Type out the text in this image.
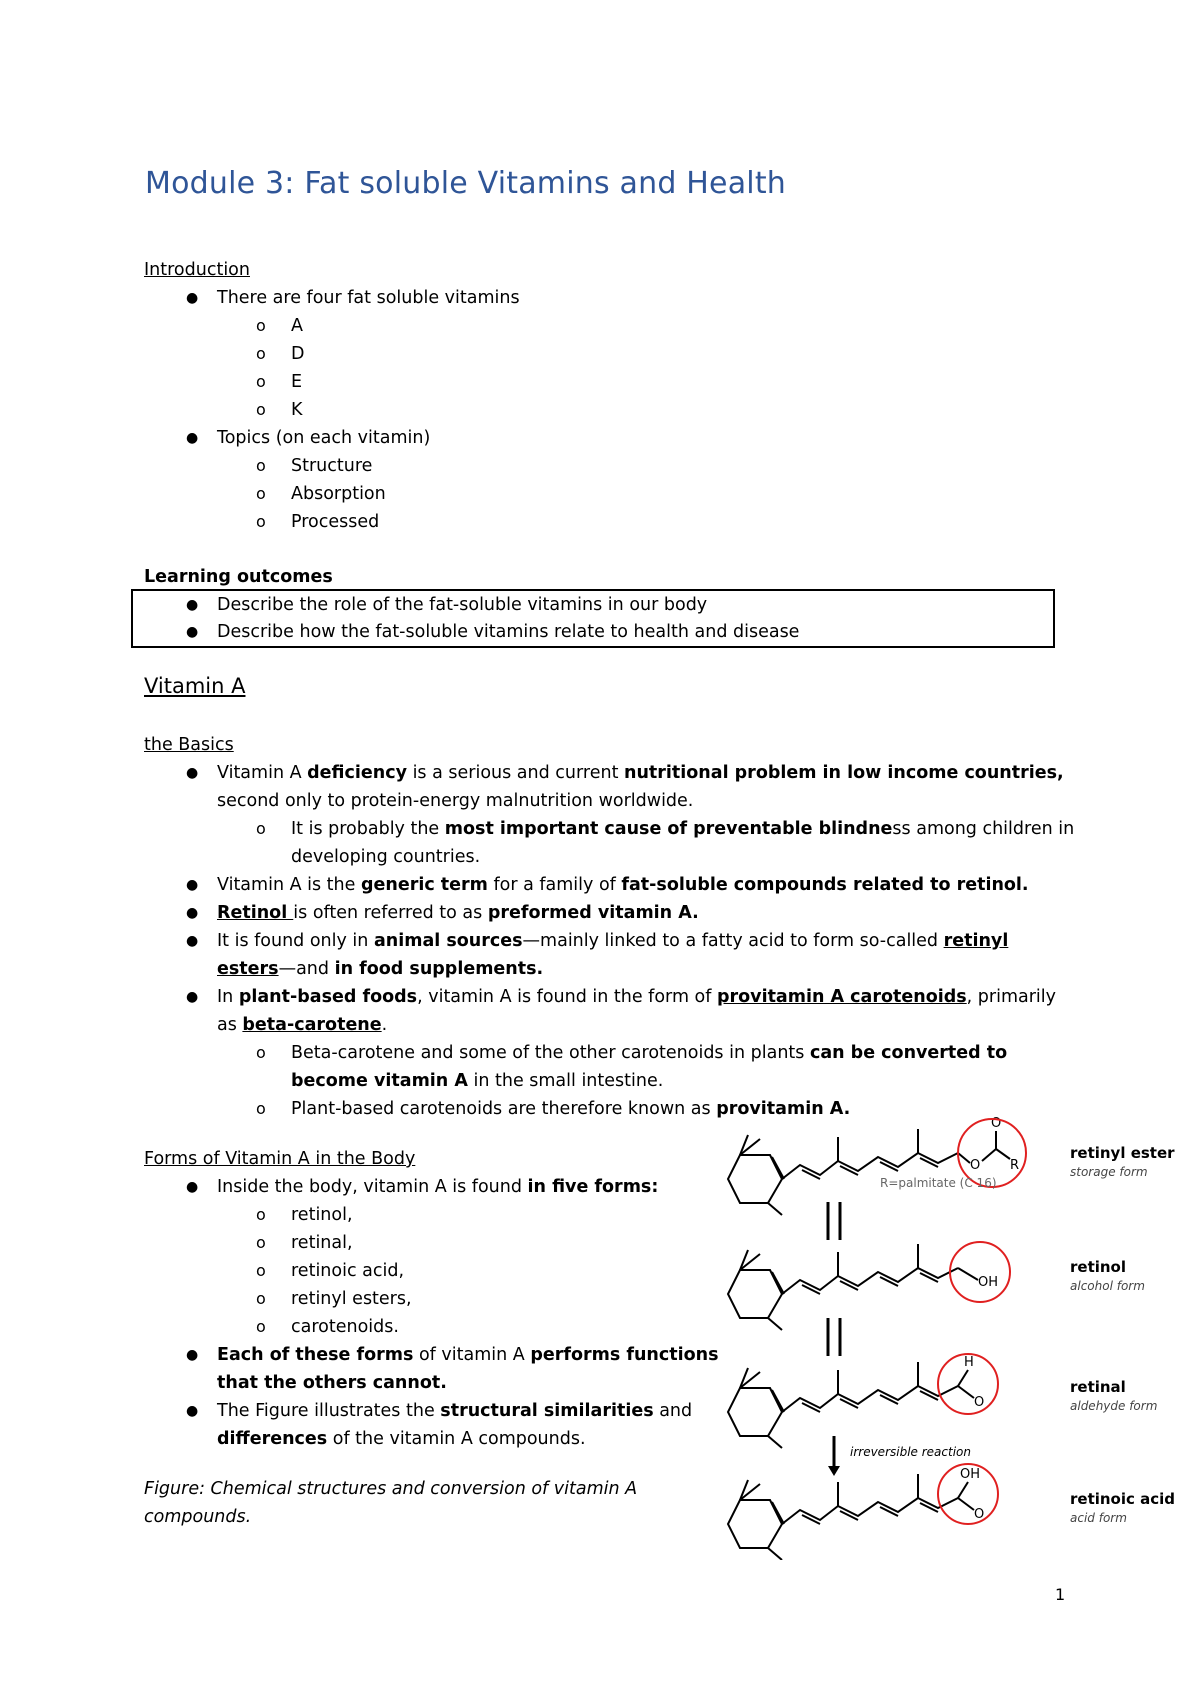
Module 3: Fat soluble Vitamins and Health
Introduction
● There are four fat soluble vitamins
o A
o D
o E
o K
● Topics (on each vitamin)
o Structure
o Absorption
o Processed
Learning outcomes
● Describe the role of the fat-soluble vitamins in our body
● Describe how the fat-soluble vitamins relate to health and disease
Vitamin A
the Basics
● Vitamin A deficiency is a serious and current nutritional problem in low income countries,
second only to protein-energy malnutrition worldwide.
o It is probably the most important cause of preventable blindness among children in
developing countries.
● Vitamin A is the generic term for a family of fat-soluble compounds related to retinol.
● Retinol is often referred to as preformed vitamin A.
● It is found only in animal sources—mainly linked to a fatty acid to form so-called retinyl
esters—and in food supplements.
● In plant-based foods, vitamin A is found in the form of provitamin A carotenoids, primarily
as beta-carotene.
o Beta-carotene and some of the other carotenoids in plants can be converted to
become vitamin A in the small intestine.
o Plant-based carotenoids are therefore known as provitamin A.
Forms of Vitamin A in the Body
● Inside the body, vitamin A is found in five forms:
o retinol,
o retinal,
o retinoic acid,
o retinyl esters,
o carotenoids.
● Each of these forms of vitamin A performs functions
that the others cannot.
● The Figure illustrates the structural similarities and
differences of the vitamin A compounds.
Figure: Chemical structures and conversion of vitamin A
compounds.
O
O
R
R=palmitate (C 16)
retinyl ester
storage form
OH
retinol
alcohol form
H
O
retinal
aldehyde form
irreversible reaction
OH
O
retinoic acid
acid form
1
